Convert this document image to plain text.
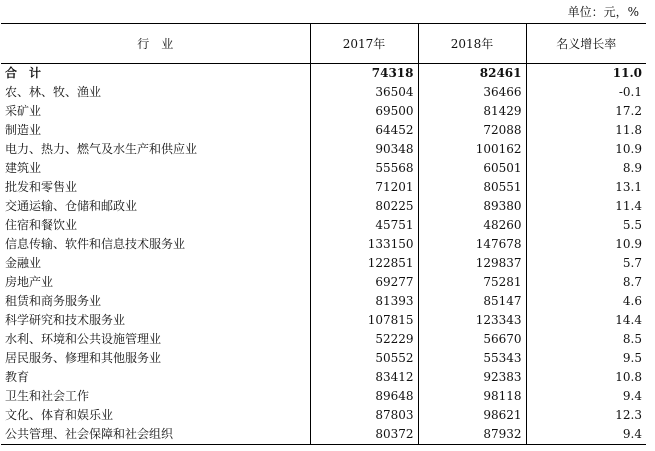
单位：元，%
行　业	2017年	2018年	名义增长率
合　计	74318	82461	11.0
农、林、牧、渔业	36504	36466	-0.1
采矿业	69500	81429	17.2
制造业	64452	72088	11.8
电力、热力、燃气及水生产和供应业	90348	100162	10.9
建筑业	55568	60501	8.9
批发和零售业	71201	80551	13.1
交通运输、仓储和邮政业	80225	89380	11.4
住宿和餐饮业	45751	48260	5.5
信息传输、软件和信息技术服务业	133150	147678	10.9
金融业	122851	129837	5.7
房地产业	69277	75281	8.7
租赁和商务服务业	81393	85147	4.6
科学研究和技术服务业	107815	123343	14.4
水利、环境和公共设施管理业	52229	56670	8.5
居民服务、修理和其他服务业	50552	55343	9.5
教育	83412	92383	10.8
卫生和社会工作	89648	98118	9.4
文化、体育和娱乐业	87803	98621	12.3
公共管理、社会保障和社会组织	80372	87932	9.4
